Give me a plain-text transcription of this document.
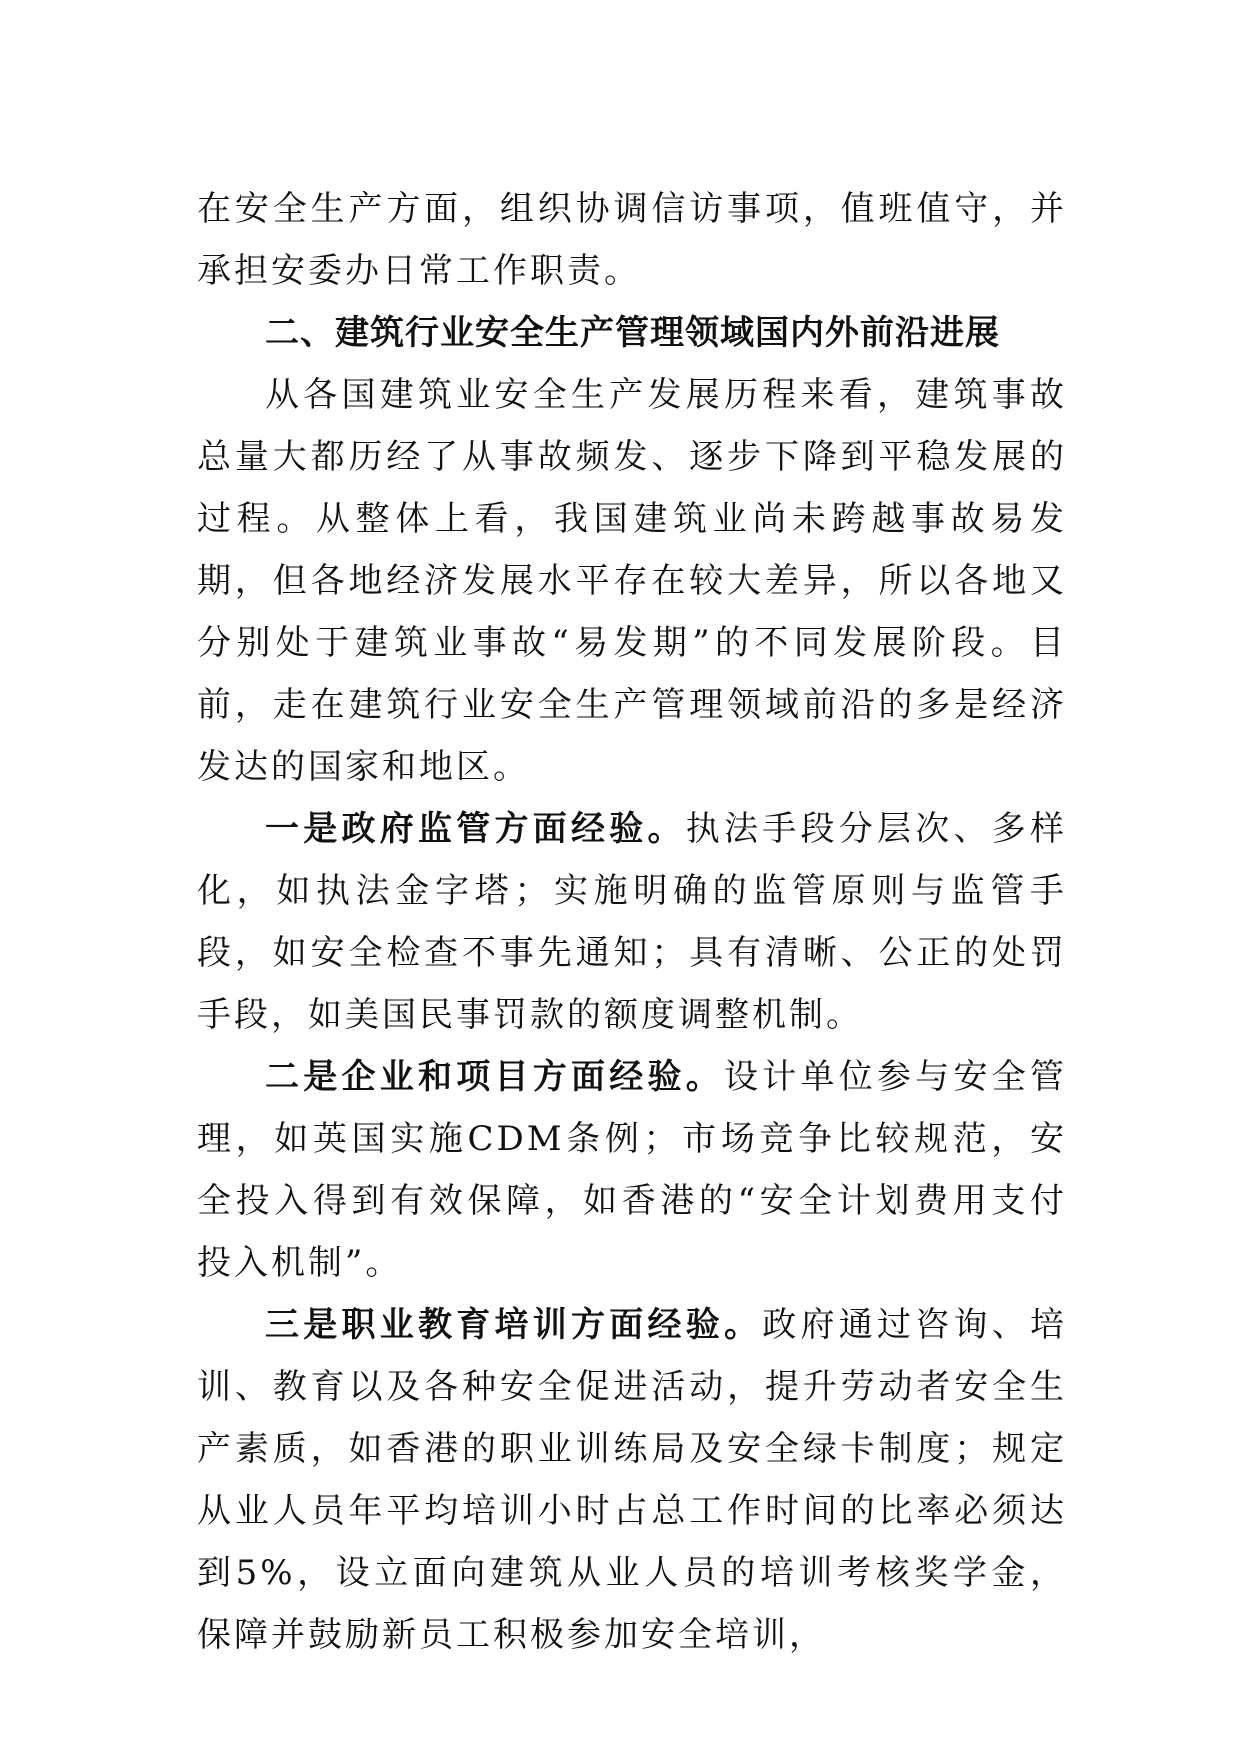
在安全生产方面，组织协调信访事项，值班值守，并承担安委办日常工作职责。

二、建筑行业安全生产管理领域国内外前沿进展

从各国建筑业安全生产发展历程来看，建筑事故总量大都历经了从事故频发、逐步下降到平稳发展的过程。从整体上看，我国建筑业尚未跨越事故易发期，但各地经济发展水平存在较大差异，所以各地又分别处于建筑业事故“易发期”的不同发展阶段。目前，走在建筑行业安全生产管理领域前沿的多是经济发达的国家和地区。

一是政府监管方面经验。执法手段分层次、多样化，如执法金字塔；实施明确的监管原则与监管手段，如安全检查不事先通知；具有清晰、公正的处罚手段，如美国民事罚款的额度调整机制。

二是企业和项目方面经验。设计单位参与安全管理，如英国实施CDM条例；市场竞争比较规范，安全投入得到有效保障，如香港的“安全计划费用支付投入机制”。

三是职业教育培训方面经验。政府通过咨询、培训、教育以及各种安全促进活动，提升劳动者安全生产素质，如香港的职业训练局及安全绿卡制度；规定从业人员年平均培训小时占总工作时间的比率必须达到5%，设立面向建筑从业人员的培训考核奖学金，保障并鼓励新员工积极参加安全培训，
